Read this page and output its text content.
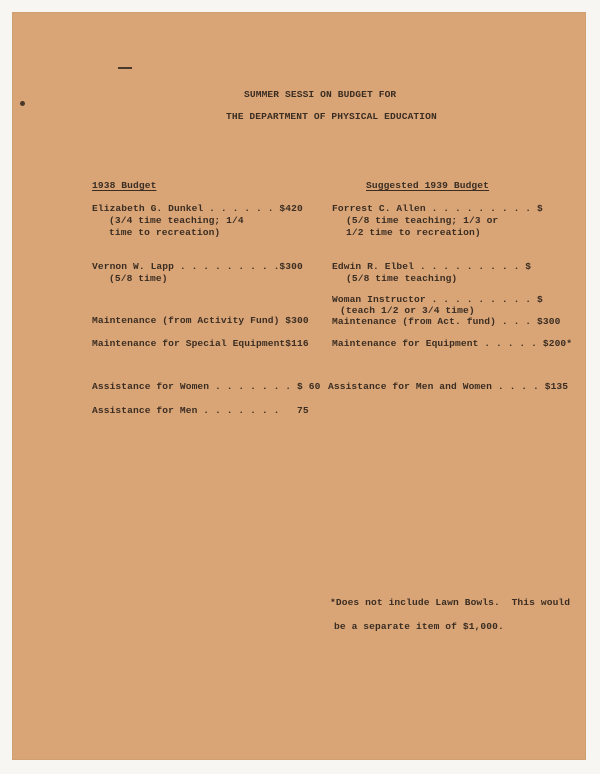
SUMMER SESSI ON BUDGET FOR
THE DEPARTMENT OF PHYSICAL EDUCATION
1938 Budget
Elizabeth G. Dunkel . . . . . . $420
(3/4 time teaching; 1/4
time to recreation)
Vernon W. Lapp . . . . . . . . .$300
(5/8 time)
Maintenance (from Activity Fund) $300
Maintenance for Special Equipment$116
Assistance for Women . . . . . . . $ 60
Assistance for Men . . . . . . .   75
Suggested 1939 Budget
Forrest C. Allen . . . . . . . . . $
(5/8 time teaching; 1/3 or
1/2 time to recreation)
Edwin R. Elbel . . . . . . . . . $
(5/8 time teaching)
Woman Instructor . . . . . . . . . $
(teach 1/2 or 3/4 time)
Maintenance (from Act. fund) . . . $300
Maintenance for Equipment . . . . . $200*
Assistance for Men and Women . . . . $135
*Does not include Lawn Bowls.  This would
be a separate item of $1,000.
